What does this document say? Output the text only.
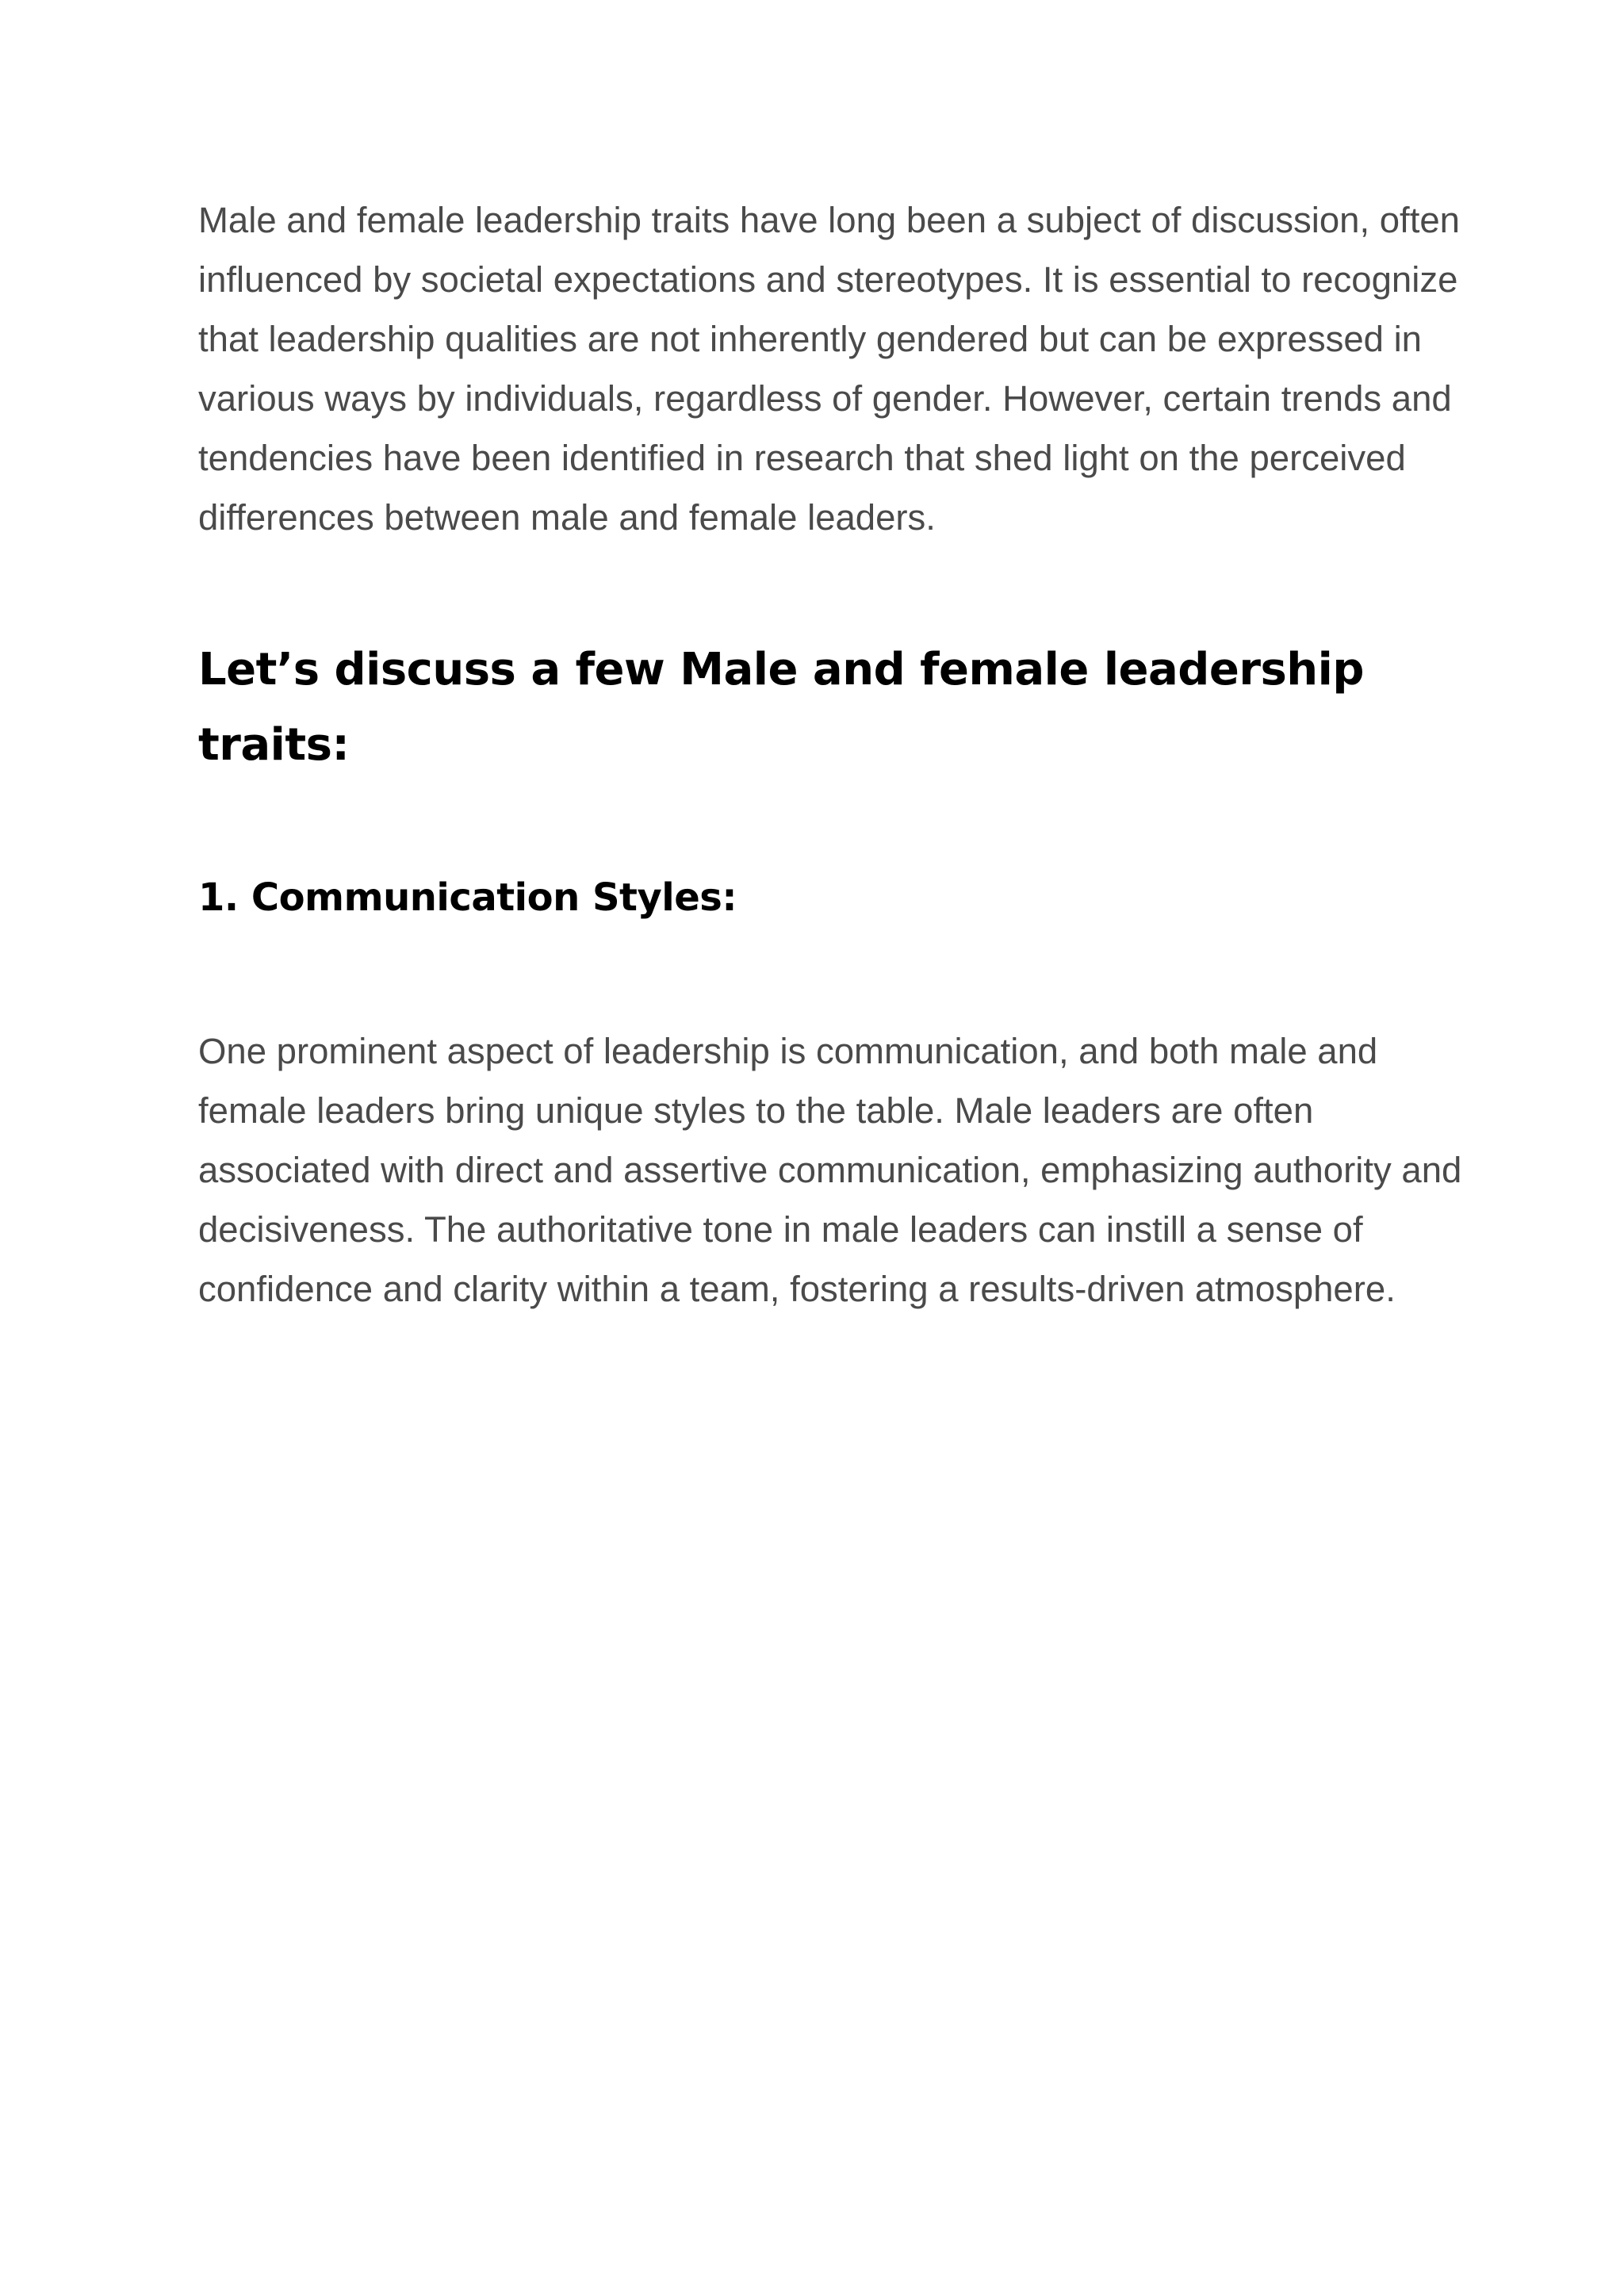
Male and female leadership traits have long been a subject of discussion, often influenced by societal expectations and stereotypes. It is essential to recognize that leadership qualities are not inherently gendered but can be expressed in various ways by individuals, regardless of gender. However, certain trends and tendencies have been identified in research that shed light on the perceived differences between male and female leaders.

Let’s discuss a few Male and female leadership traits:
1. Communication Styles:

One prominent aspect of leadership is communication, and both male and female leaders bring unique styles to the table. Male leaders are often associated with direct and assertive communication, emphasizing authority and decisiveness. The authoritative tone in male leaders can instill a sense of confidence and clarity within a team, fostering a results-driven atmosphere.
